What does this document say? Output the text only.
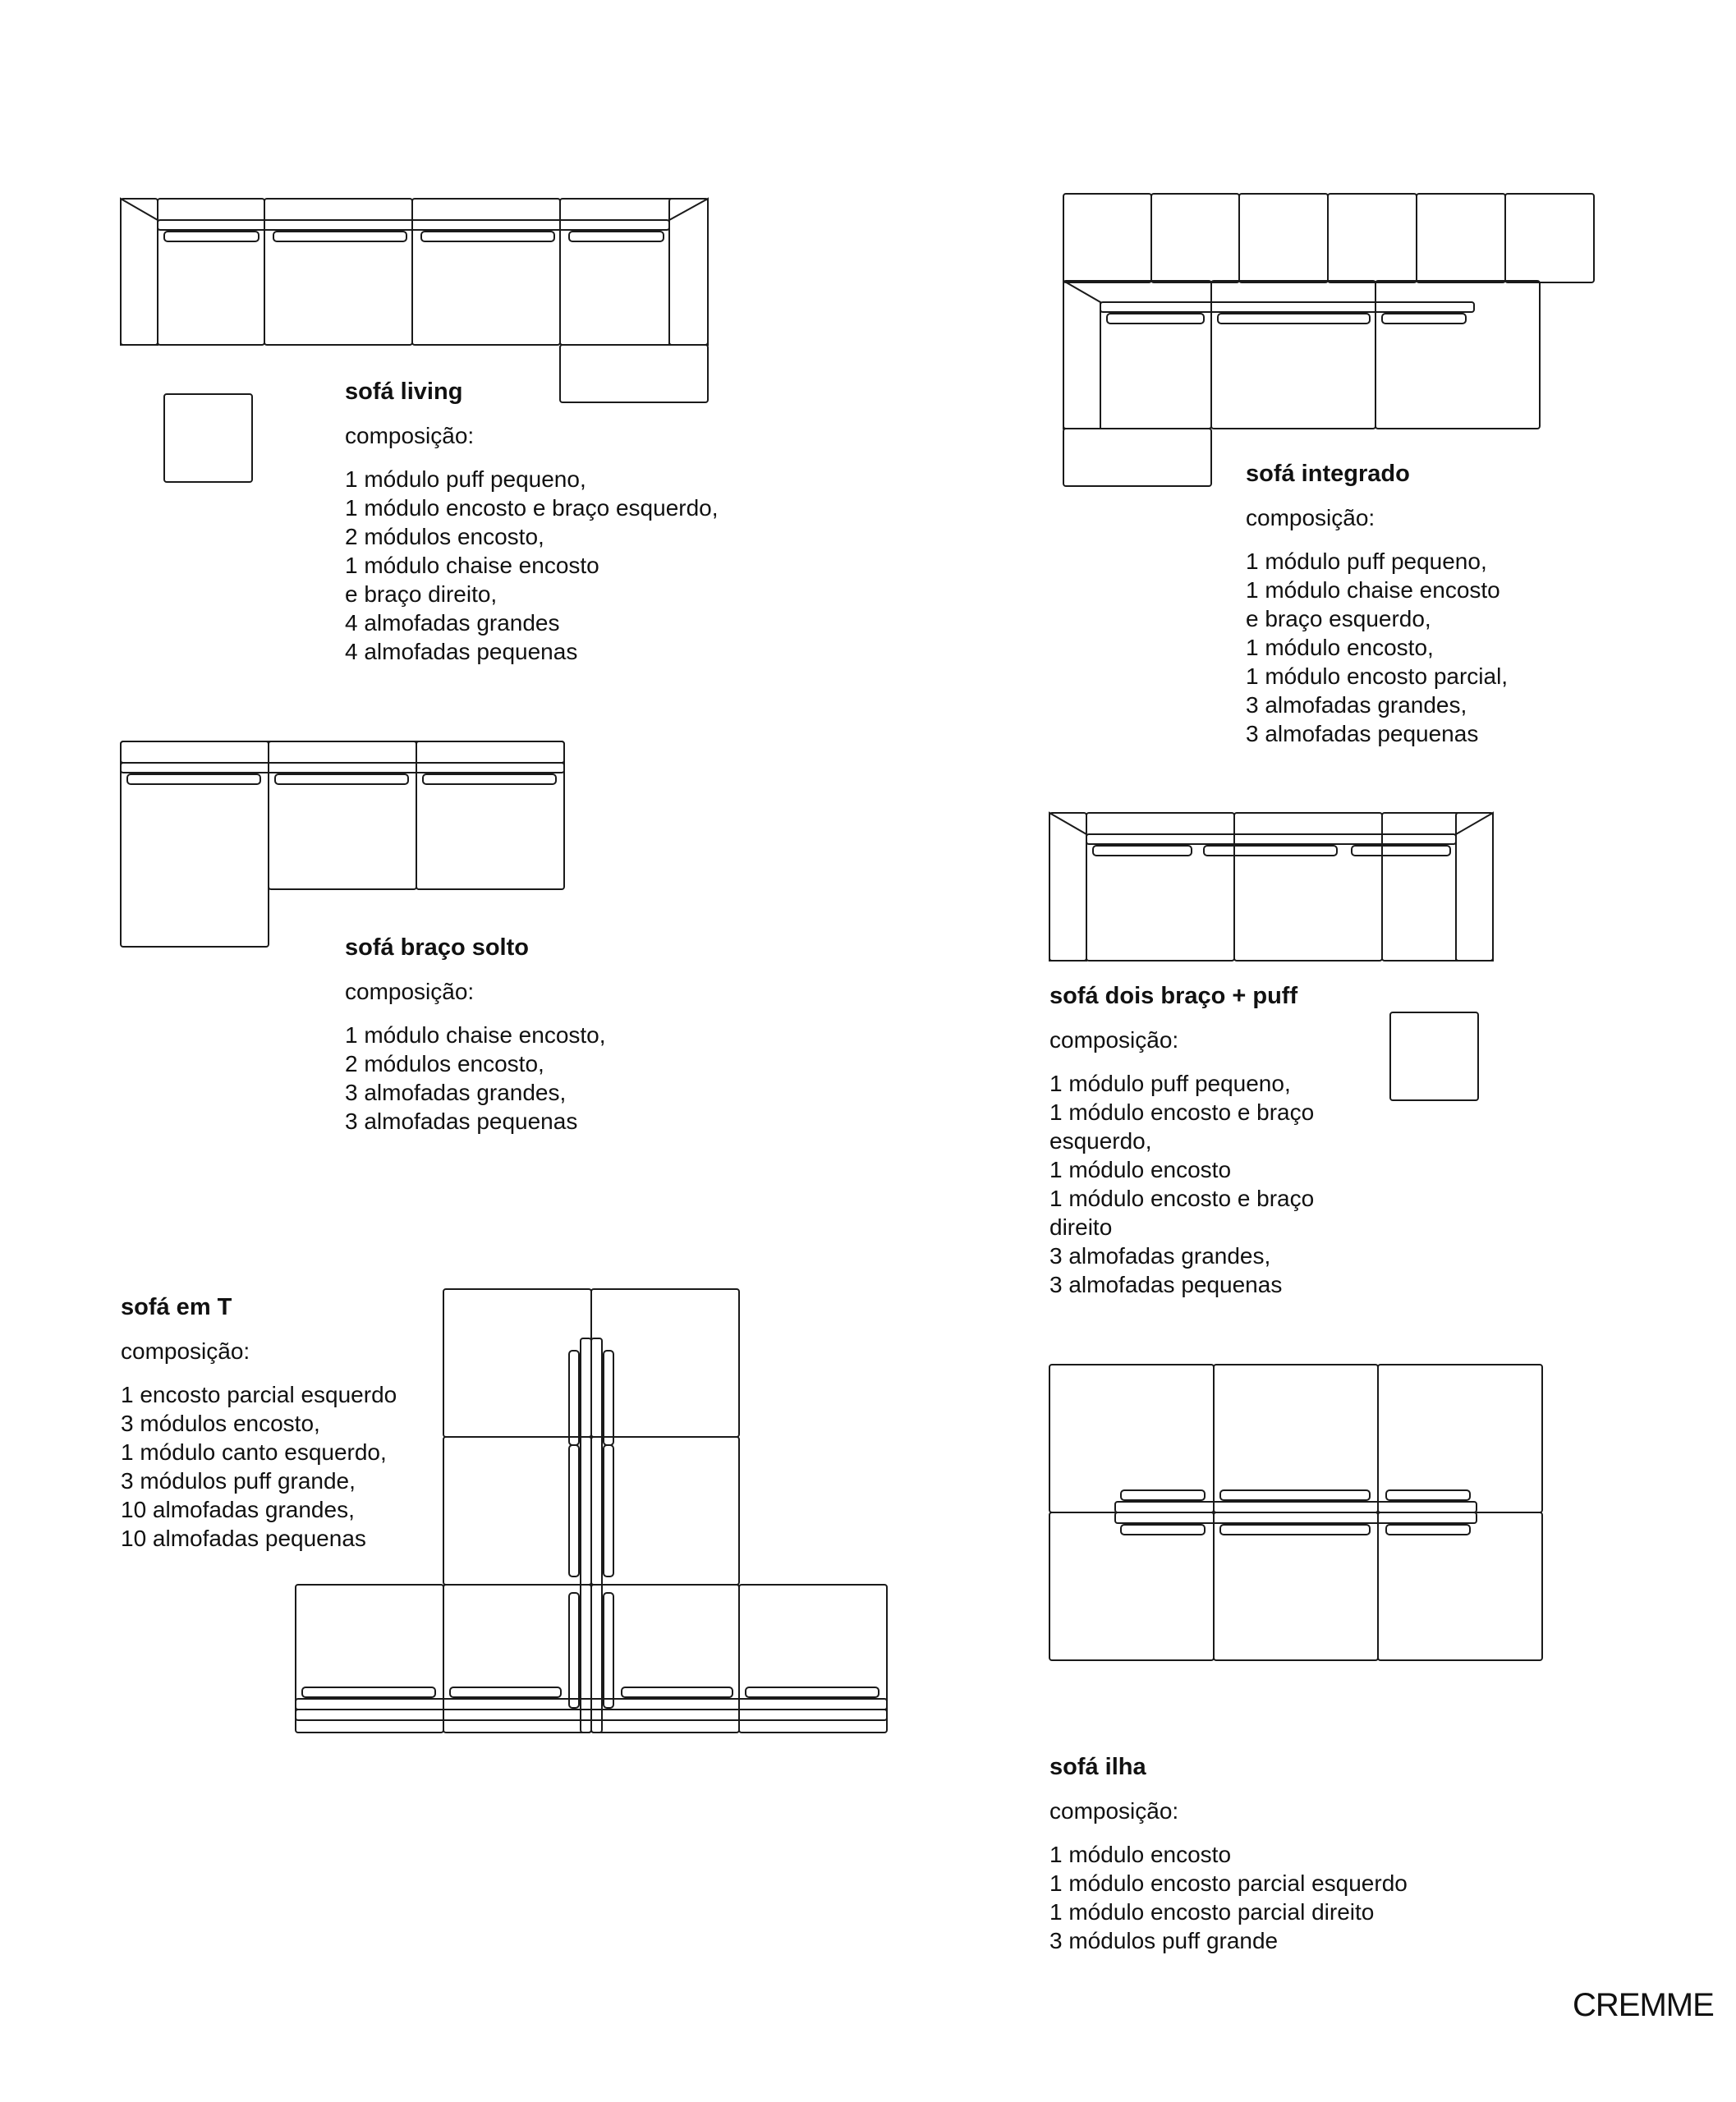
sofá living

composição:

1 módulo puff pequeno,
1 módulo encosto e braço esquerdo,
2 módulos encosto,
1 módulo chaise encosto
e braço direito,
4 almofadas grandes
4 almofadas pequenas

sofá integrado

composição:

1 módulo puff pequeno,
1 módulo chaise encosto
e braço esquerdo,
1 módulo encosto,
1 módulo encosto parcial,
3 almofadas grandes,
3 almofadas pequenas

sofá braço solto

composição:

1 módulo chaise encosto,
2 módulos encosto,
3 almofadas grandes,
3 almofadas pequenas

sofá dois braço + puff

composição:

1 módulo puff pequeno,
1 módulo encosto e braço
esquerdo,
1 módulo encosto
1 módulo encosto e braço
direito
3 almofadas grandes,
3 almofadas pequenas

sofá em T

composição:

1 encosto parcial esquerdo
3 módulos encosto,
1 módulo canto esquerdo,
3 módulos puff grande,
10 almofadas grandes,
10 almofadas pequenas

sofá ilha

composição:

1 módulo encosto
1 módulo encosto parcial esquerdo
1 módulo encosto parcial direito
3 módulos puff grande
CREMME
